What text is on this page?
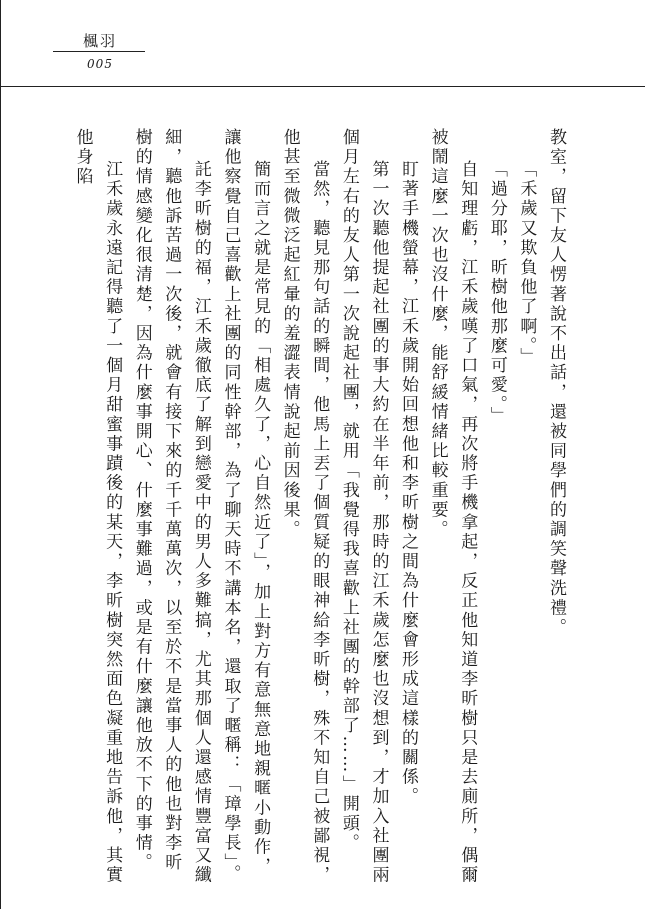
楓羽
005

教室，留下友人愣著說不出話，還被同學們的調笑聲洗禮。

「禾歲又欺負他了啊。」

「過分耶，昕樹他那麼可愛。」

自知理虧，江禾歲嘆了口氣，再次將手機拿起，反正他知道李昕樹只是去廁所，偶爾被鬧這麼一次也沒什麼，能舒緩情緒比較重要。

盯著手機螢幕，江禾歲開始回想他和李昕樹之間為什麼會形成這樣的關係。

第一次聽他提起社團的事大約在半年前，那時的江禾歲怎麼也沒想到，才加入社團兩個月左右的友人第一次說起社團，就用「我覺得我喜歡上社團的幹部了……」開頭。

當然，聽見那句話的瞬間，他馬上丟了個質疑的眼神給李昕樹，殊不知自己被鄙視，他甚至微微泛起紅暈的羞澀表情說起前因後果。

簡而言之就是常見的「相處久了，心自然近了」，加上對方有意無意地親暱小動作，讓他察覺自己喜歡上社團的同性幹部，為了聊天時不講本名，還取了暱稱：「璋學長」。

託李昕樹的福，江禾歲徹底了解到戀愛中的男人多難搞，尤其那個人還感情豐富又纖細，聽他訴苦過一次後，就會有接下來的千千萬萬次，以至於不是當事人的他也對李昕樹的情感變化很清楚，因為什麼事開心、什麼事難過，或是有什麼讓他放不下的事情。

江禾歲永遠記得聽了一個月甜蜜事蹟後的某天，李昕樹突然面色凝重地告訴他，其實他身陷
